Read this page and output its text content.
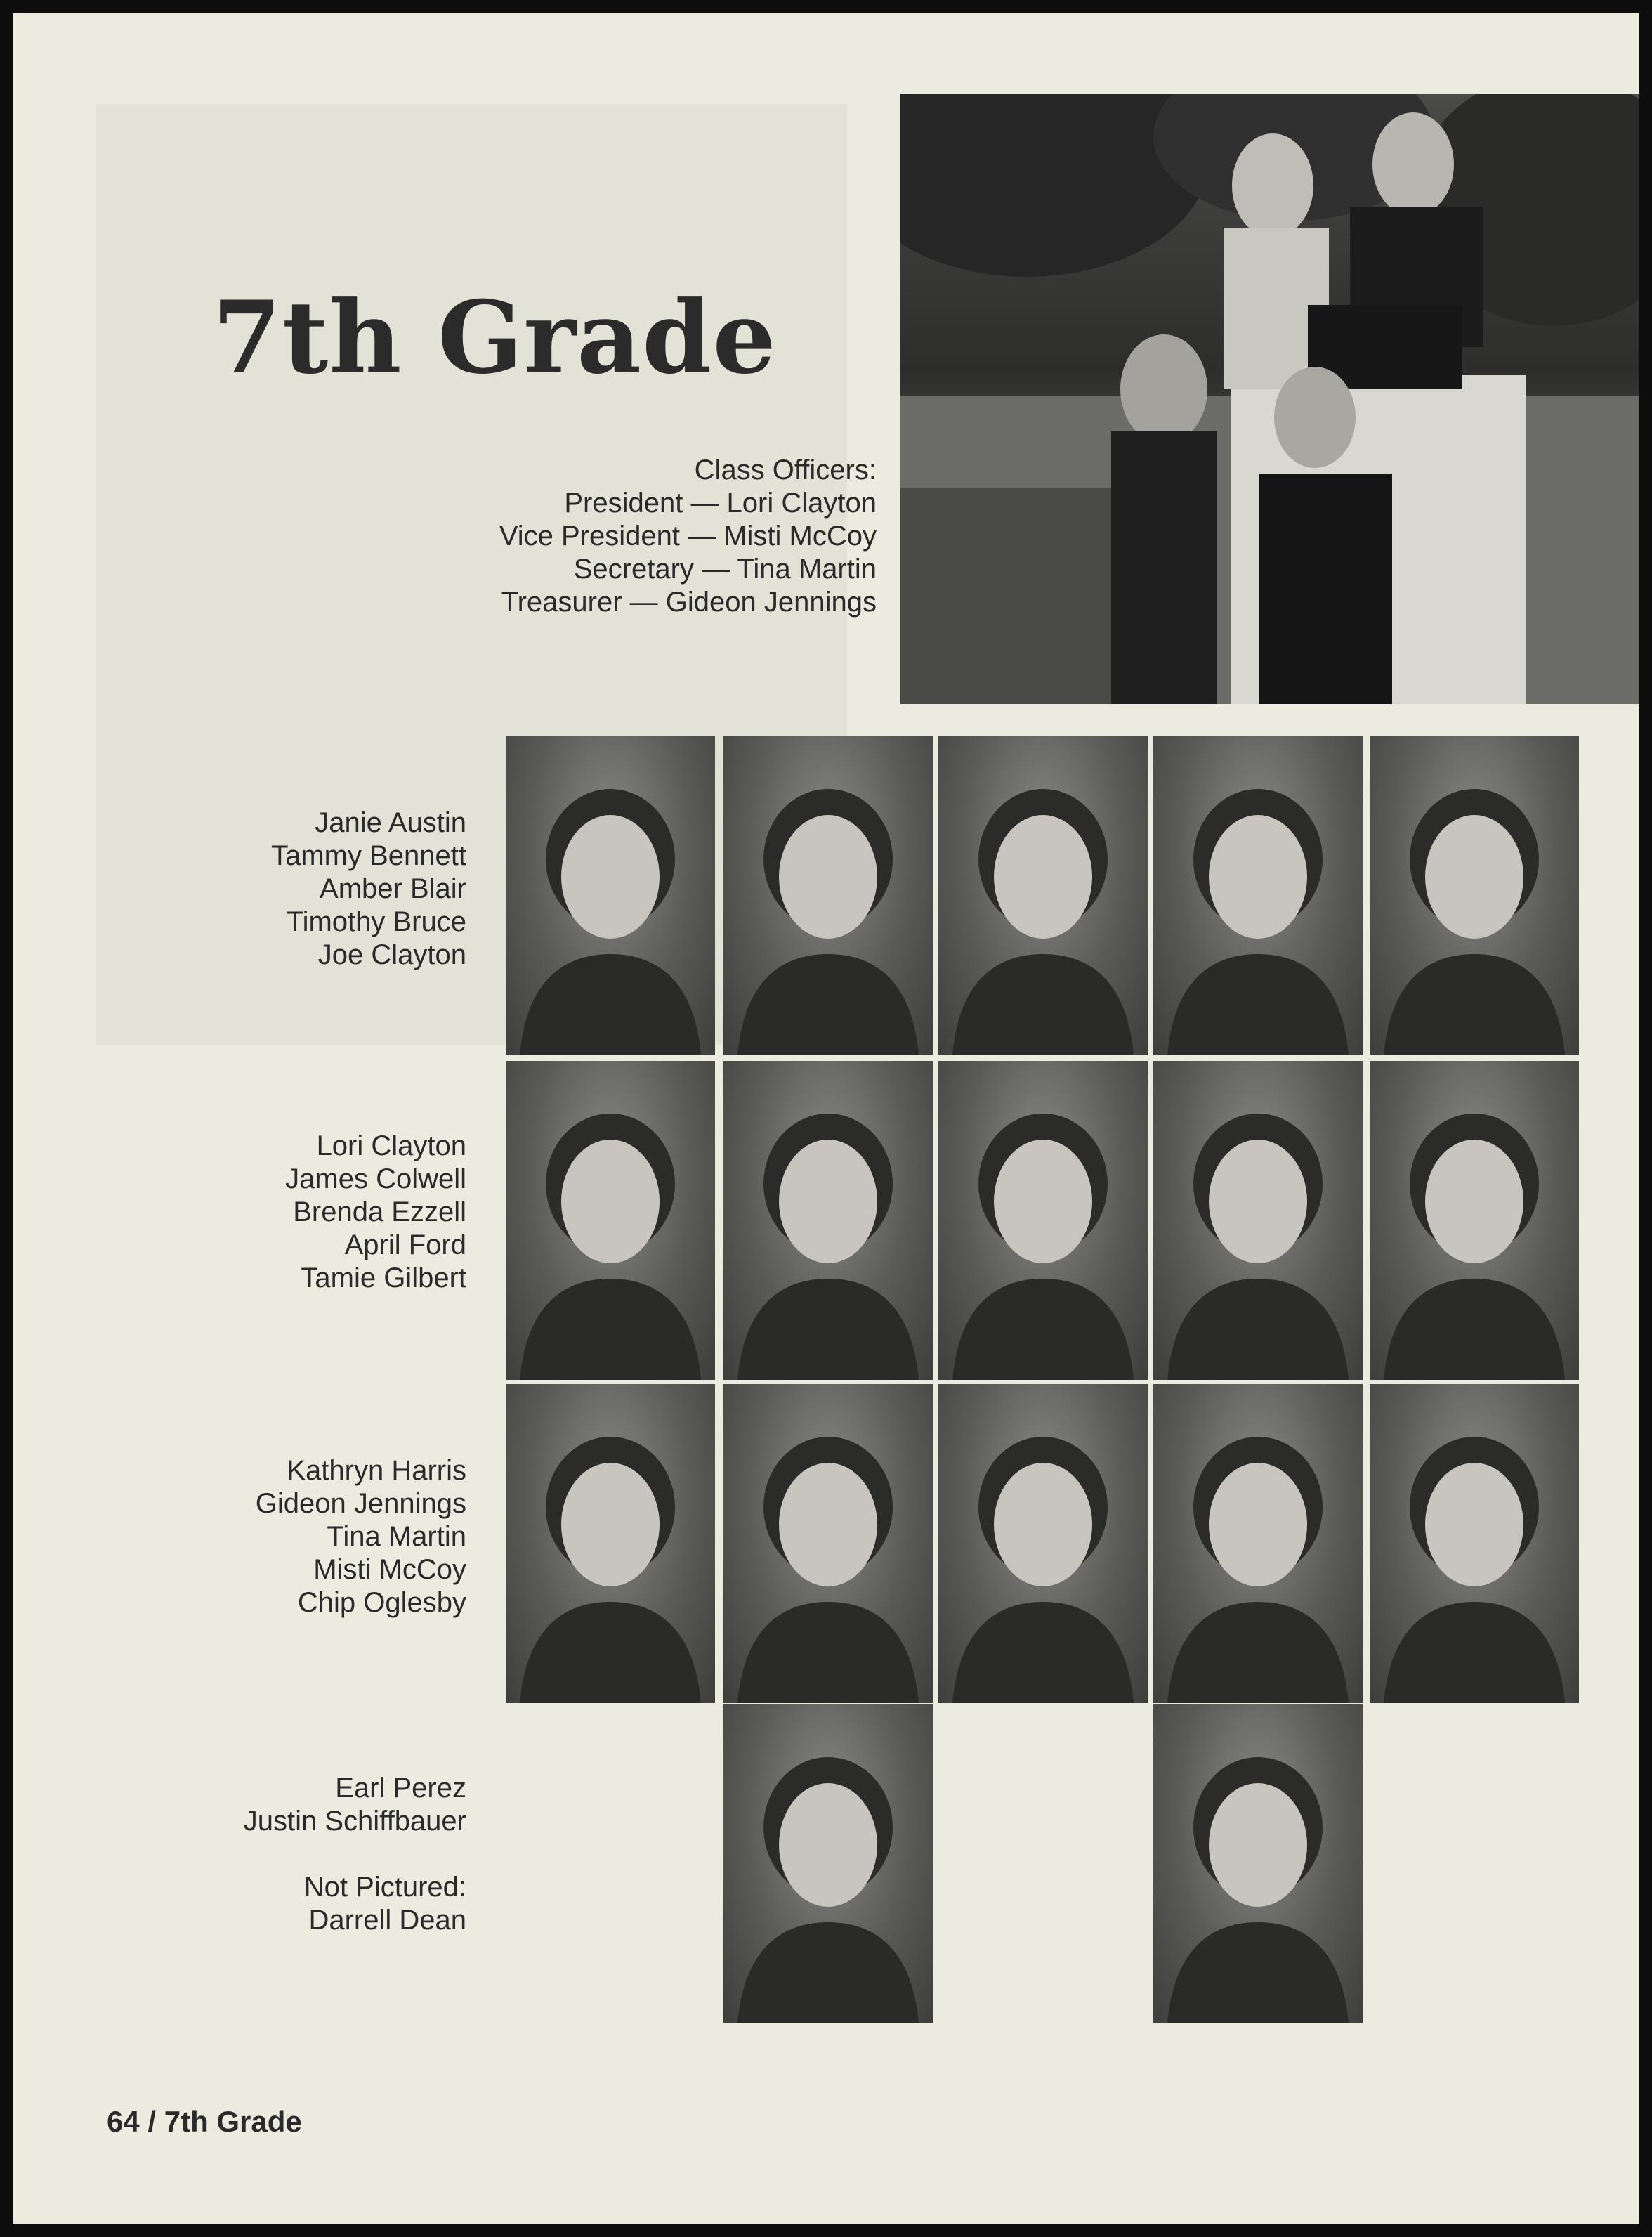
7th Grade
Class Officers:
President — Lori Clayton
Vice President — Misti McCoy
Secretary — Tina Martin
Treasurer — Gideon Jennings
Janie Austin
Tammy Bennett
Amber Blair
Timothy Bruce
Joe Clayton
Lori Clayton
James Colwell
Brenda Ezzell
April Ford
Tamie Gilbert
Kathryn Harris
Gideon Jennings
Tina Martin
Misti McCoy
Chip Oglesby
Earl Perez
Justin Schiffbauer
Not Pictured:
Darrell Dean
64 / 7th Grade
